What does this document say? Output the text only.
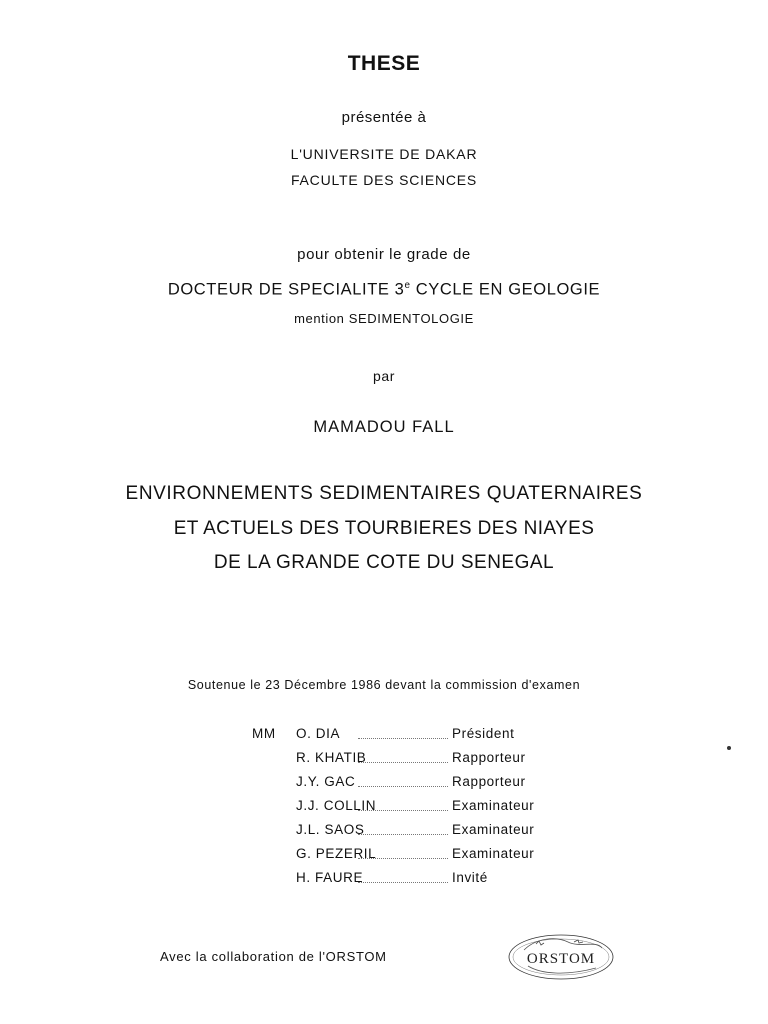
THESE
présentée à
L'UNIVERSITE DE DAKAR
FACULTE DES SCIENCES
pour obtenir le grade de
DOCTEUR DE SPECIALITE 3e CYCLE EN GEOLOGIE
mention SEDIMENTOLOGIE
par
MAMADOU FALL
ENVIRONNEMENTS SEDIMENTAIRES QUATERNAIRES
ET ACTUELS DES TOURBIERES DES NIAYES
DE LA GRANDE COTE DU SENEGAL
Soutenue le 23 Décembre 1986 devant la commission d'examen
MM O. DIA	Président
R. KHATIB	Rapporteur
J.Y. GAC	Rapporteur
J.J. COLLIN	Examinateur
J.L. SAOS	Examinateur
G. PEZERIL	Examinateur
H. FAURE	Invité
Avec la collaboration de l'ORSTOM	ORSTOM
